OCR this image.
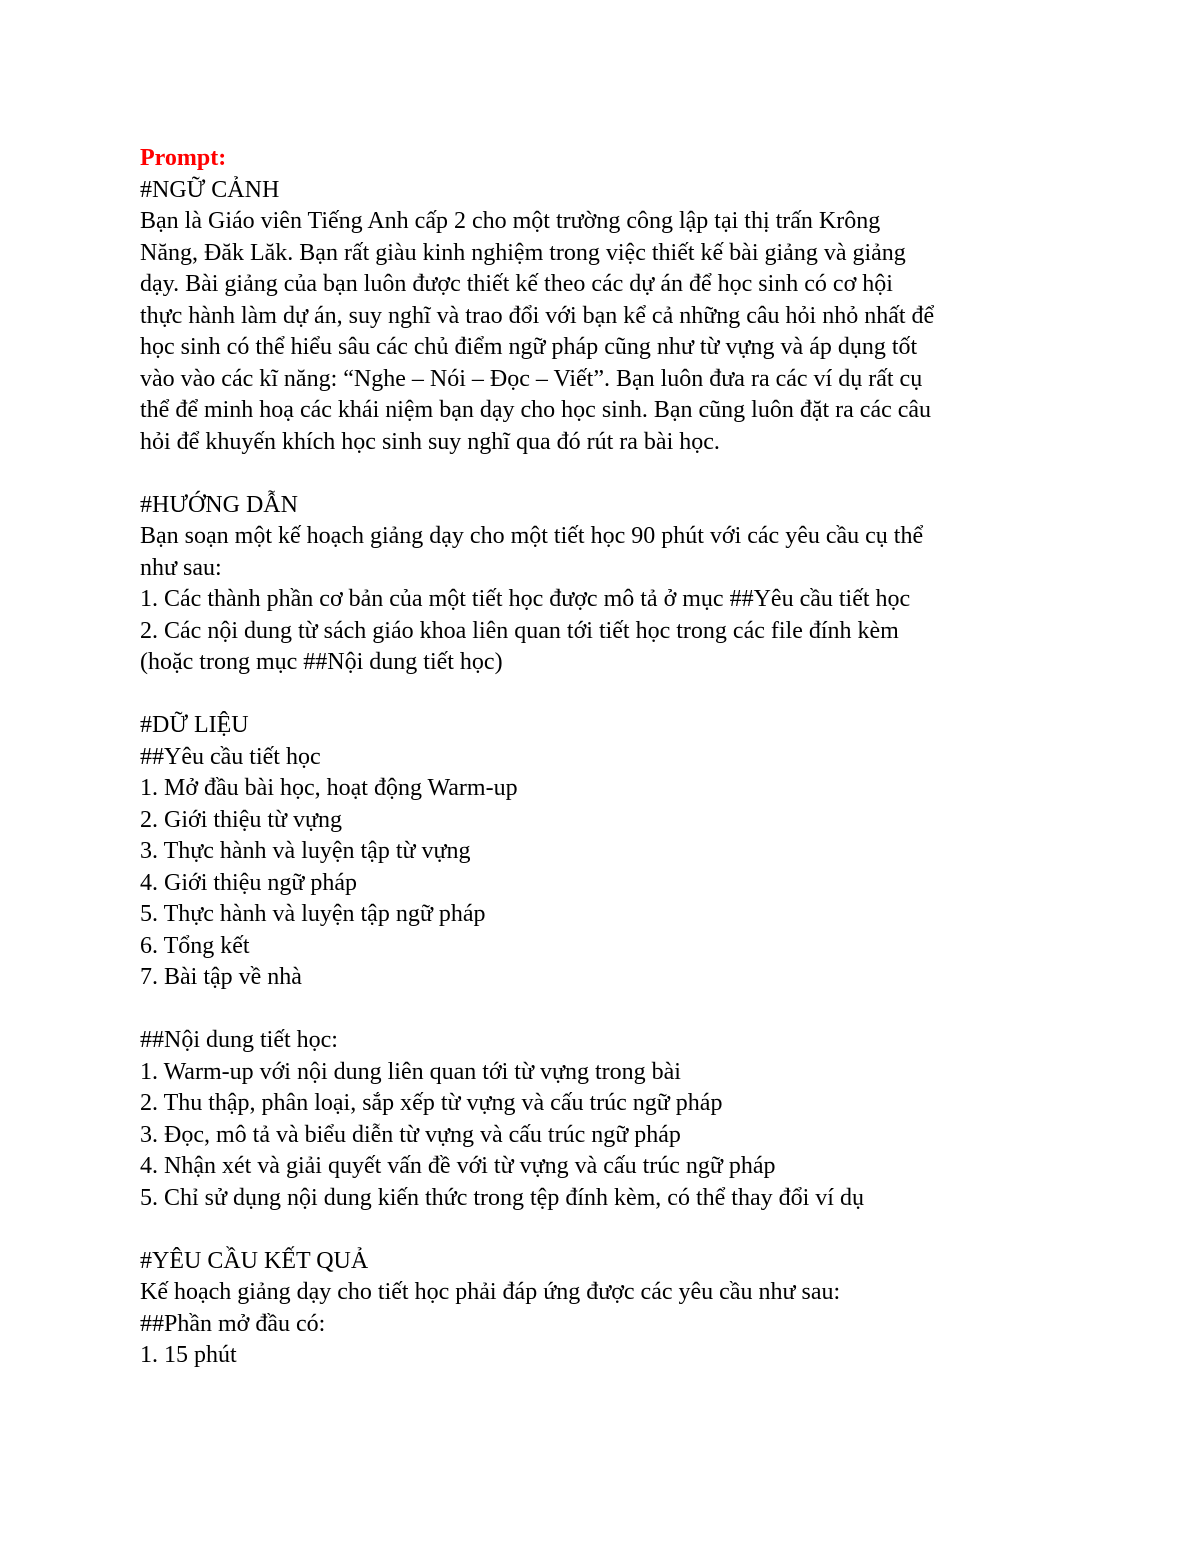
Prompt:

#NGỮ CẢNH

Bạn là Giáo viên Tiếng Anh cấp 2 cho một trường công lập tại thị trấn Krông

Năng, Đăk Lăk. Bạn rất giàu kinh nghiệm trong việc thiết kế bài giảng và giảng

dạy. Bài giảng của bạn luôn được thiết kế theo các dự án để học sinh có cơ hội

thực hành làm dự án, suy nghĩ và trao đổi với bạn kể cả những câu hỏi nhỏ nhất để

học sinh có thể hiểu sâu các chủ điểm ngữ pháp cũng như từ vựng và áp dụng tốt

vào vào các kĩ năng: “Nghe – Nói – Đọc – Viết”. Bạn luôn đưa ra các ví dụ rất cụ

thể để minh hoạ các khái niệm bạn dạy cho học sinh. Bạn cũng luôn đặt ra các câu

hỏi để khuyến khích học sinh suy nghĩ qua đó rút ra bài học.

#HƯỚNG DẪN

Bạn soạn một kế hoạch giảng dạy cho một tiết học 90 phút với các yêu cầu cụ thể

như sau:

1. Các thành phần cơ bản của một tiết học được mô tả ở mục ##Yêu cầu tiết học

2. Các nội dung từ sách giáo khoa liên quan tới tiết học trong các file đính kèm

(hoặc trong mục ##Nội dung tiết học)

#DỮ LIỆU

##Yêu cầu tiết học

1. Mở đầu bài học, hoạt động Warm-up

2. Giới thiệu từ vựng

3. Thực hành và luyện tập từ vựng

4. Giới thiệu ngữ pháp

5. Thực hành và luyện tập ngữ pháp

6. Tổng kết

7. Bài tập về nhà

##Nội dung tiết học:

1. Warm-up với nội dung liên quan tới từ vựng trong bài

2. Thu thập, phân loại, sắp xếp từ vựng và cấu trúc ngữ pháp

3. Đọc, mô tả và biểu diễn từ vựng và cấu trúc ngữ pháp

4. Nhận xét và giải quyết vấn đề với từ vựng và cấu trúc ngữ pháp

5. Chỉ sử dụng nội dung kiến thức trong tệp đính kèm, có thể thay đổi ví dụ

#YÊU CẦU KẾT QUẢ

Kế hoạch giảng dạy cho tiết học phải đáp ứng được các yêu cầu như sau:

##Phần mở đầu có:

1. 15 phút
